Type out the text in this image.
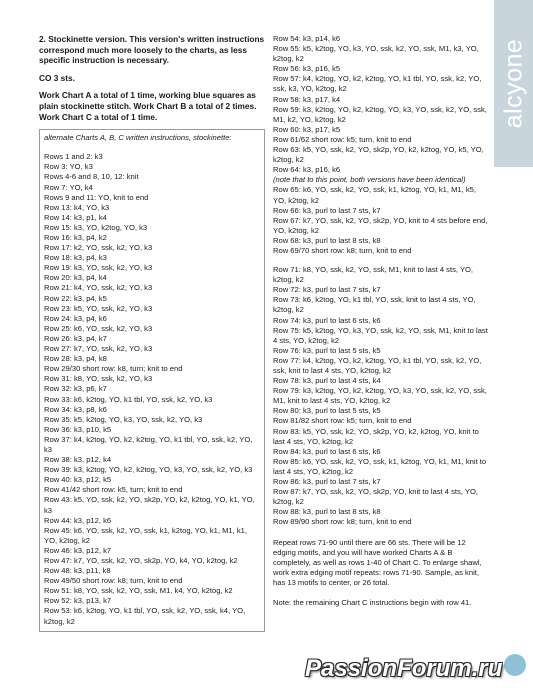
2. Stockinette version. This version's written instructions correspond much more loosely to the charts, as less specific instruction is necessary.

CO 3 sts.

Work Chart A a total of 1 time, working blue squares as plain stockinette stitch. Work Chart B a total of 2 times. Work Chart C a total of 1 time.

alternate Charts A, B, C written instructions, stockinette:
Rows 1 and 2: k3
Row 3: YO, k3
Rows 4-6 and 8, 10, 12: knit
Row 7: YO, k4
Rows 9 and 11: YO, knit to end
Row 13: k4, YO, k3
Row 14: k3, p1, k4
Row 15: k3, YO, k2tog, YO, k3
Row 16: k3, p4, k2
Row 17: k2, YO, ssk, k2, YO, k3
Row 18: k3, p4, k3
Row 19: k3, YO, ssk, k2, YO, k3
Row 20: k3, p4, k4
Row 21: k4, YO, ssk, k2, YO, k3
Row 22: k3, p4, k5
Row 23: k5, YO, ssk, k2, YO, k3
Row 24: k3, p4, k6
Row 25: k6, YO, ssk, k2, YO, k3
Row 26: k3, p4, k7
Row 27: k7, YO, ssk, k2, YO, k3
Row 28: k3, p4, k8
Row 29/30 short row: k8, turn; knit to end
Row 31: k8, YO, ssk, k2, YO, k3
Row 32: k3, p6, k7
Row 33: k6, k2tog, YO, k1 tbl, YO, ssk, k2, YO, k3
Row 34: k3, p8, k6
Row 35: k5, k2tog, YO, k3, YO, ssk, k2, YO, k3
Row 36: k3, p10, k5
Row 37: k4, k2tog, YO, k2, k2tog, YO, k1 tbl, YO, ssk, k2, YO, k3
Row 38: k3, p12, k4
Row 39: k3, k2tog, YO, k2, k2tog, YO, k3, YO, ssk, k2, YO, k3
Row 40: k3, p12, k5
Row 41/42 short row: k5, turn; knit to end
Row 43: k5, YO, ssk, k2, YO, sk2p, YO, k2, k2tog, YO, k1, YO, k3
Row 44: k3, p12, k6
Row 45: k6, YO, ssk, k2, YO, ssk, k1, k2tog, YO, k1, M1, k1, YO, k2tog, k2
Row 46: k3, p12, k7
Row 47: k7, YO, ssk, k2, YO, sk2p, YO, k4, YO, k2tog, k2
Row 48: k3, p11, k8
Row 49/50 short row: k8; turn, knit to end
Row 51: k8, YO, ssk, k2, YO, ssk, M1, k4, YO, k2tog, k2
Row 52: k3, p13, k7
Row 53: k6, k2tog, YO, k1 tbl, YO, ssk, k2, YO, ssk, k4, YO, k2tog, k2
Row 54: k3, p14, k6
Row 55: k5, k2tog, YO, k3, YO, ssk, k2, YO, ssk, M1, k3, YO, k2tog, k2
Row 56: k3, p16, k5
Row 57: k4, k2tog, YO, k2, k2tog, YO, k1 tbl, YO, ssk, k2, YO, ssk, k3, YO, k2tog, k2
Row 58: k3, p17, k4
Row 59: k3, k2tog, YO, k2, k2tog, YO, k3, YO, ssk, k2, YO, ssk, M1, k2, YO, k2tog, k2
Row 60: k3, p17, k5
Row 61/62 short row: k5; turn, knit to end
Row 63: k5, YO, ssk, k2, YO, sk2p, YO, k2, k2tog, YO, k5, YO, k2tog, k2
Row 64: k3, p16, k6
(note that to this point, both versions have been identical)
Row 65: k6, YO, ssk, k2, YO, ssk, k1, k2tog, YO, k1, M1, k5, YO, k2tog, k2
Row 66: k3, purl to last 7 sts, k7
Row 67: k7, YO, ssk, k2, YO, sk2p, YO, knit to 4 sts before end, YO, k2tog, k2
Row 68: k3, purl to last 8 sts, k8
Row 69/70 short row: k8; turn, knit to end
Row 71: k8, YO, ssk, k2, YO, ssk, M1, knit to last 4 sts, YO, k2tog, k2
Row 72: k3, purl to last 7 sts, k7
Row 73: k6, k2tog, YO, k1 tbl, YO, ssk, knit to last 4 sts, YO, k2tog, k2
Row 74: k3, purl to last 6 sts, k6
Row 75: k5, k2tog, YO, k3, YO, ssk, k2, YO, ssk, M1, knit to last 4 sts, YO, k2tog, k2
Row 76: k3, purl to last 5 sts, k5
Row 77: k4, k2tog, YO, k2, k2tog, YO, k1 tbl, YO, ssk, k2, YO, ssk, knit to last 4 sts, YO, k2tog, k2
Row 78: k3, purl to last 4 sts, k4
Row 79: k3, k2tog, YO, k2, k2tog, YO, k3, YO, ssk, k2, YO, ssk, M1, knit to last 4 sts, YO, k2tog, k2
Row 80: k3, purl to last 5 sts, k5
Row 81/82 short row: k5; turn, knit to end
Row 83: k5, YO, ssk, k2, YO, sk2p, YO, k2, k2tog, YO, knit to last 4 sts, YO, k2tog, k2
Row 84: k3, purl to last 6 sts, k6
Row 85: k6, YO, ssk, k2, YO, ssk, k1, k2tog, YO, k1, M1, knit to last 4 sts, YO, k2tog, k2
Row 86: k3, purl to last 7 sts, k7
Row 87: k7, YO, ssk, k2, YO, sk2p, YO, knit to last 4 sts, YO, k2tog, k2
Row 88: k3, purl to last 8 sts, k8
Row 89/90 short row: k8; turn, knit to end

Repeat rows 71-90 until there are 66 sts. There will be 12 edging motifs, and you will have worked Charts A & B completely, as well as rows 1-40 of Chart C. To enlarge shawl, work extra edging motif repeats: rows 71-90. Sample, as knit, has 13 motifs to center, or 26 total.

Note: the remaining Chart C instructions begin with row 41.

alcyone
PassionForum.ru
